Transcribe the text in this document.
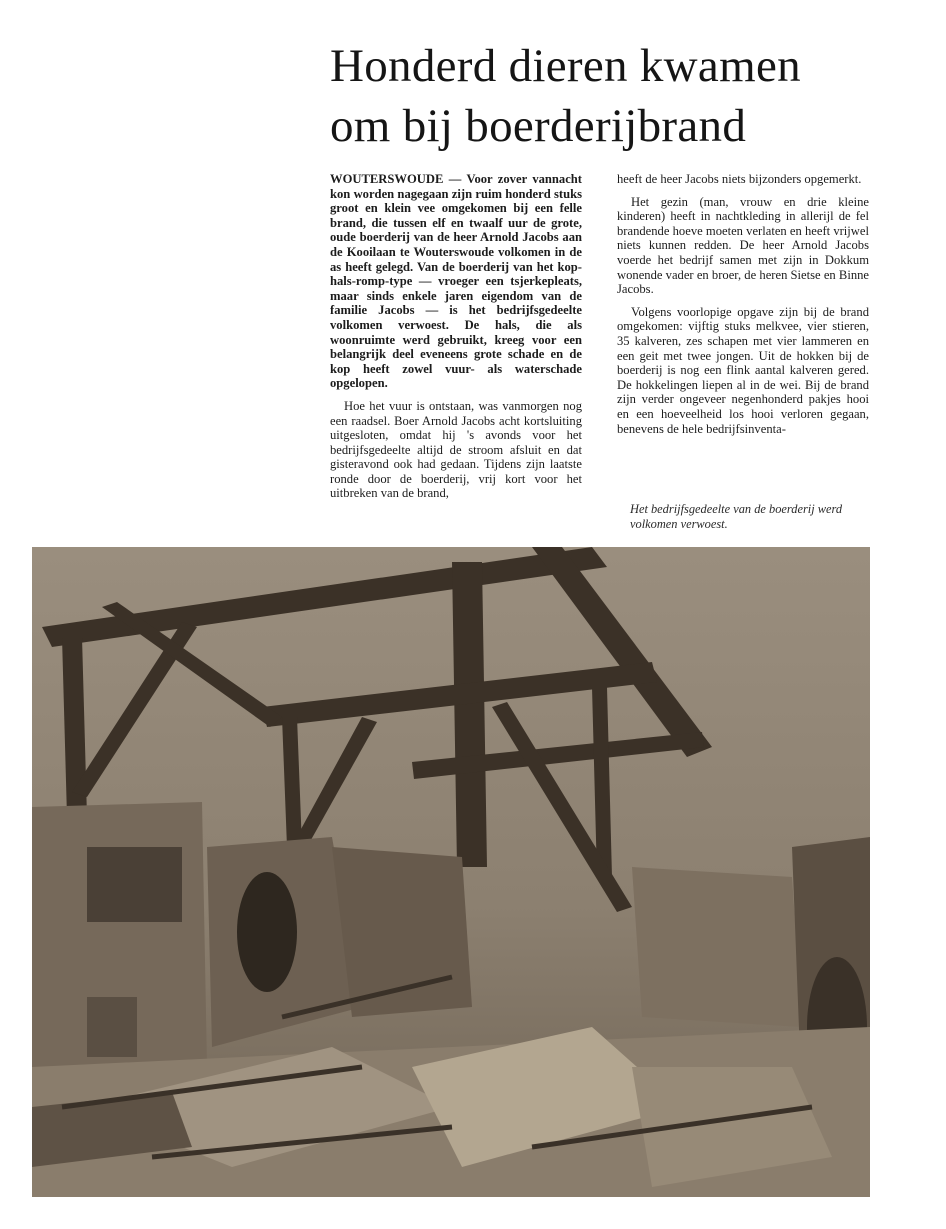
Honderd dieren kwamen
om bij boerderijbrand

WOUTERSWOUDE — Voor zover vannacht kon worden nagegaan zijn ruim honderd stuks groot en klein vee omgekomen bij een felle brand, die tussen elf en twaalf uur de grote, oude boerderij van de heer Arnold Jacobs aan de Kooilaan te Wouterswoude volkomen in de as heeft gelegd. Van de boerderij van het kop-hals-romp-type — vroeger een tsjerkepleats, maar sinds enkele jaren eigendom van de familie Jacobs — is het bedrijfsgedeelte volkomen verwoest. De hals, die als woonruimte werd gebruikt, kreeg voor een belangrijk deel eveneens grote schade en de kop heeft zowel vuur- als waterschade opgelopen.

Hoe het vuur is ontstaan, was vanmorgen nog een raadsel. Boer Arnold Jacobs acht kortsluiting uitgesloten, omdat hij 's avonds voor het bedrijfsgedeelte altijd de stroom afsluit en dat gisteravond ook had gedaan. Tijdens zijn laatste ronde door de boerderij, vrij kort voor het uitbreken van de brand,

heeft de heer Jacobs niets bijzonders opgemerkt.

Het gezin (man, vrouw en drie kleine kinderen) heeft in nachtkleding in allerijl de fel brandende hoeve moeten verlaten en heeft vrijwel niets kunnen redden. De heer Arnold Jacobs voerde het bedrijf samen met zijn in Dokkum wonende vader en broer, de heren Sietse en Binne Jacobs.

Volgens voorlopige opgave zijn bij de brand omgekomen: vijftig stuks melkvee, vier stieren, 35 kalveren, zes schapen met vier lammeren en een geit met twee jongen. Uit de hokken bij de boerderij is nog een flink aantal kalveren gered. De hokkelingen liepen al in de wei. Bij de brand zijn verder ongeveer negenhonderd pakjes hooi en een hoeveelheid los hooi verloren gegaan, benevens de hele bedrijfsinventa-

Het bedrijfsgedeelte van de boerderij werd volkomen verwoest.
